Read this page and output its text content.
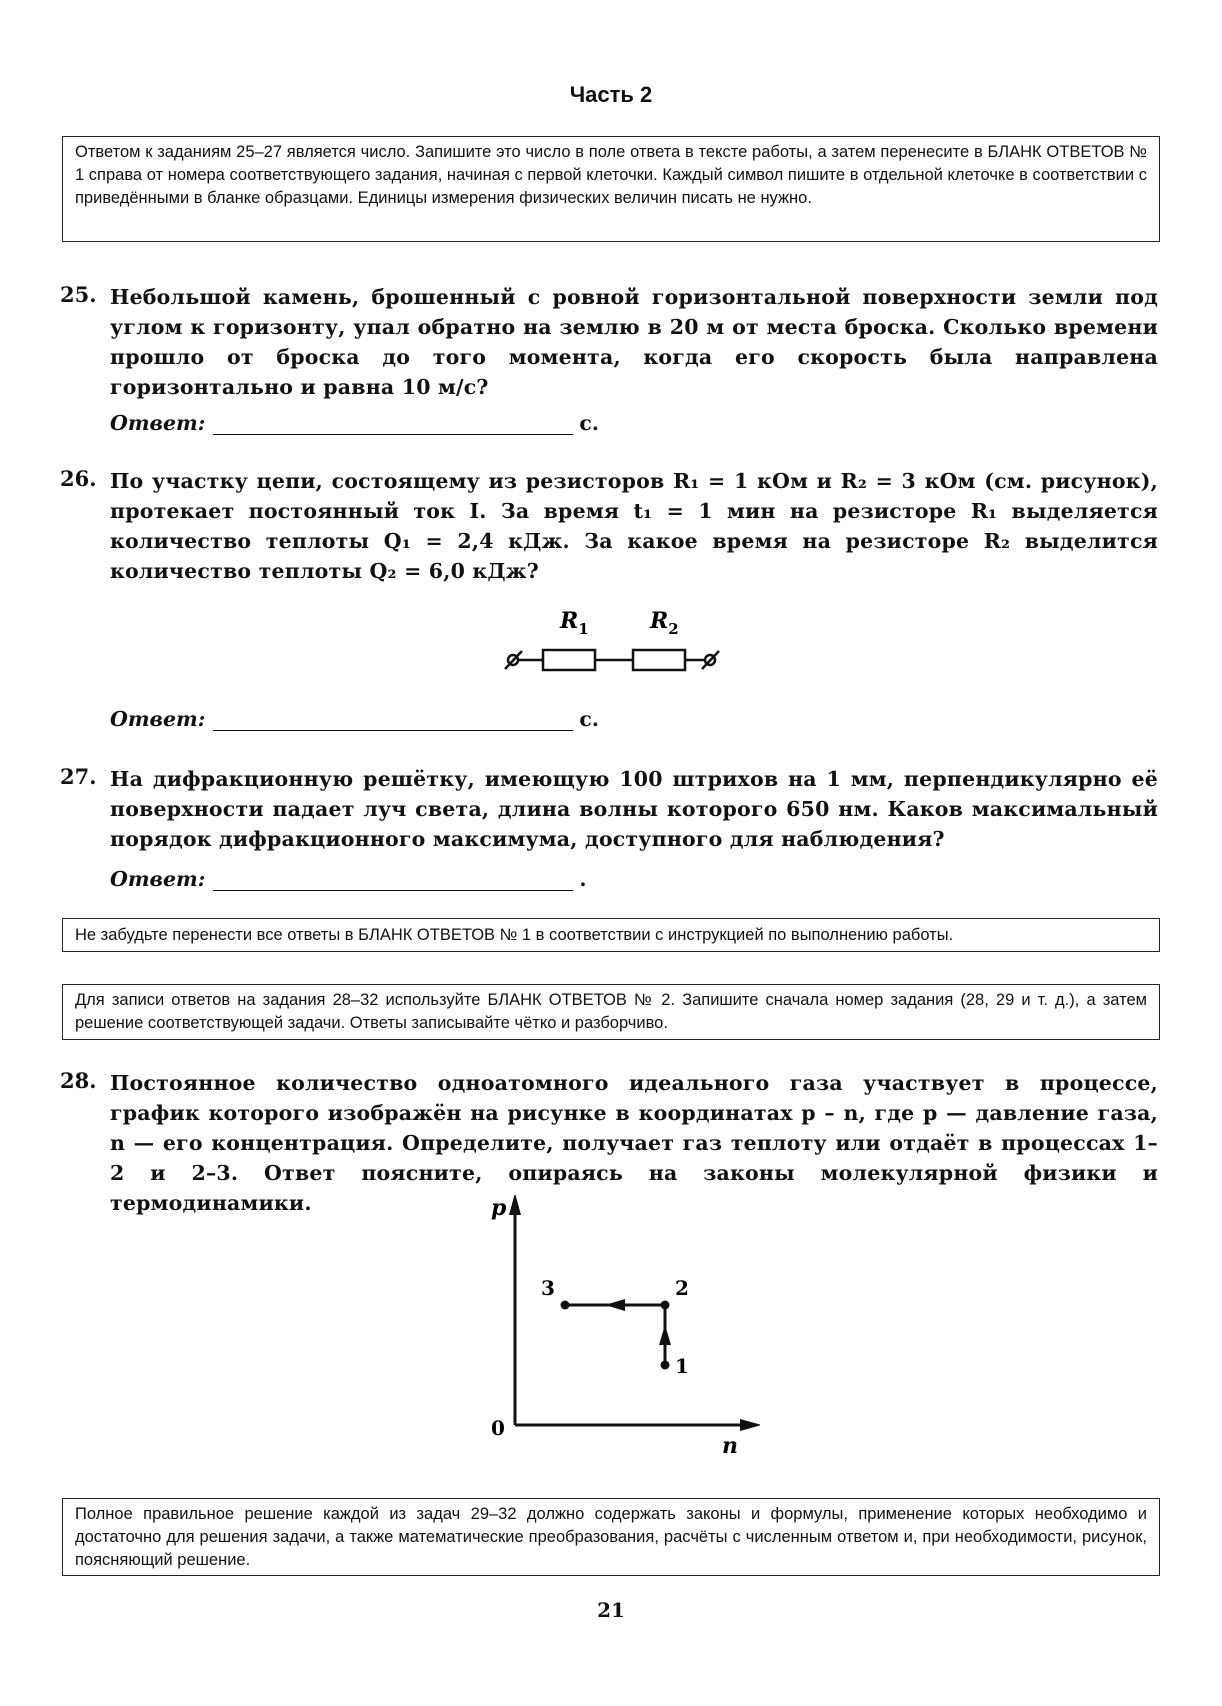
Часть 2
Ответом к заданиям 25–27 является число. Запишите это число в поле ответа в тексте работы, а затем перенесите в БЛАНК ОТВЕТОВ № 1 справа от номера соответствующего задания, начиная с первой клеточки. Каждый символ пишите в отдельной клеточке в соответствии с приведёнными в бланке образцами. Единицы измерения физических величин писать не нужно.
25. Небольшой камень, брошенный с ровной горизонтальной поверхности земли под углом к горизонту, упал обратно на землю в 20 м от места броска. Сколько времени прошло от броска до того момента, когда его скорость была направлена горизонтально и равна 10 м/с?
Ответ:	с.
26. По участку цепи, состоящему из резисторов R₁ = 1 кОм и R₂ = 3 кОм (см. рисунок), протекает постоянный ток I. За время t₁ = 1 мин на резисторе R₁ выделяется количество теплоты Q₁ = 2,4 кДж. За какое время на резисторе R₂ выделится количество теплоты Q₂ = 6,0 кДж?
$R_1$	$R_2$
Ответ:	с.
27. На дифракционную решётку, имеющую 100 штрихов на 1 мм, перпендикулярно её поверхности падает луч света, длина волны которого 650 нм. Каков максимальный порядок дифракционного максимума, доступного для наблюдения?
Ответ:	.
Не забудьте перенести все ответы в БЛАНК ОТВЕТОВ № 1 в соответствии с инструкцией по выполнению работы.
Для записи ответов на задания 28–32 используйте БЛАНК ОТВЕТОВ № 2. Запишите сначала номер задания (28, 29 и т. д.), а затем решение соответствующей задачи. Ответы записывайте чётко и разборчиво.
28. Постоянное количество одноатомного идеального газа участвует в процессе, график которого изображён на рисунке в координатах p – n, где p — давление газа, n — его концентрация. Определите, получает газ теплоту или отдаёт в процессах 1–2 и 2–3. Ответ поясните, опираясь на законы молекулярной физики и термодинамики.	p
n
0
1
2
3
Полное правильное решение каждой из задач 29–32 должно содержать законы и формулы, применение которых необходимо и достаточно для решения задачи, а также математические преобразования, расчёты с численным ответом и, при необходимости, рисунок, поясняющий решение.
21
